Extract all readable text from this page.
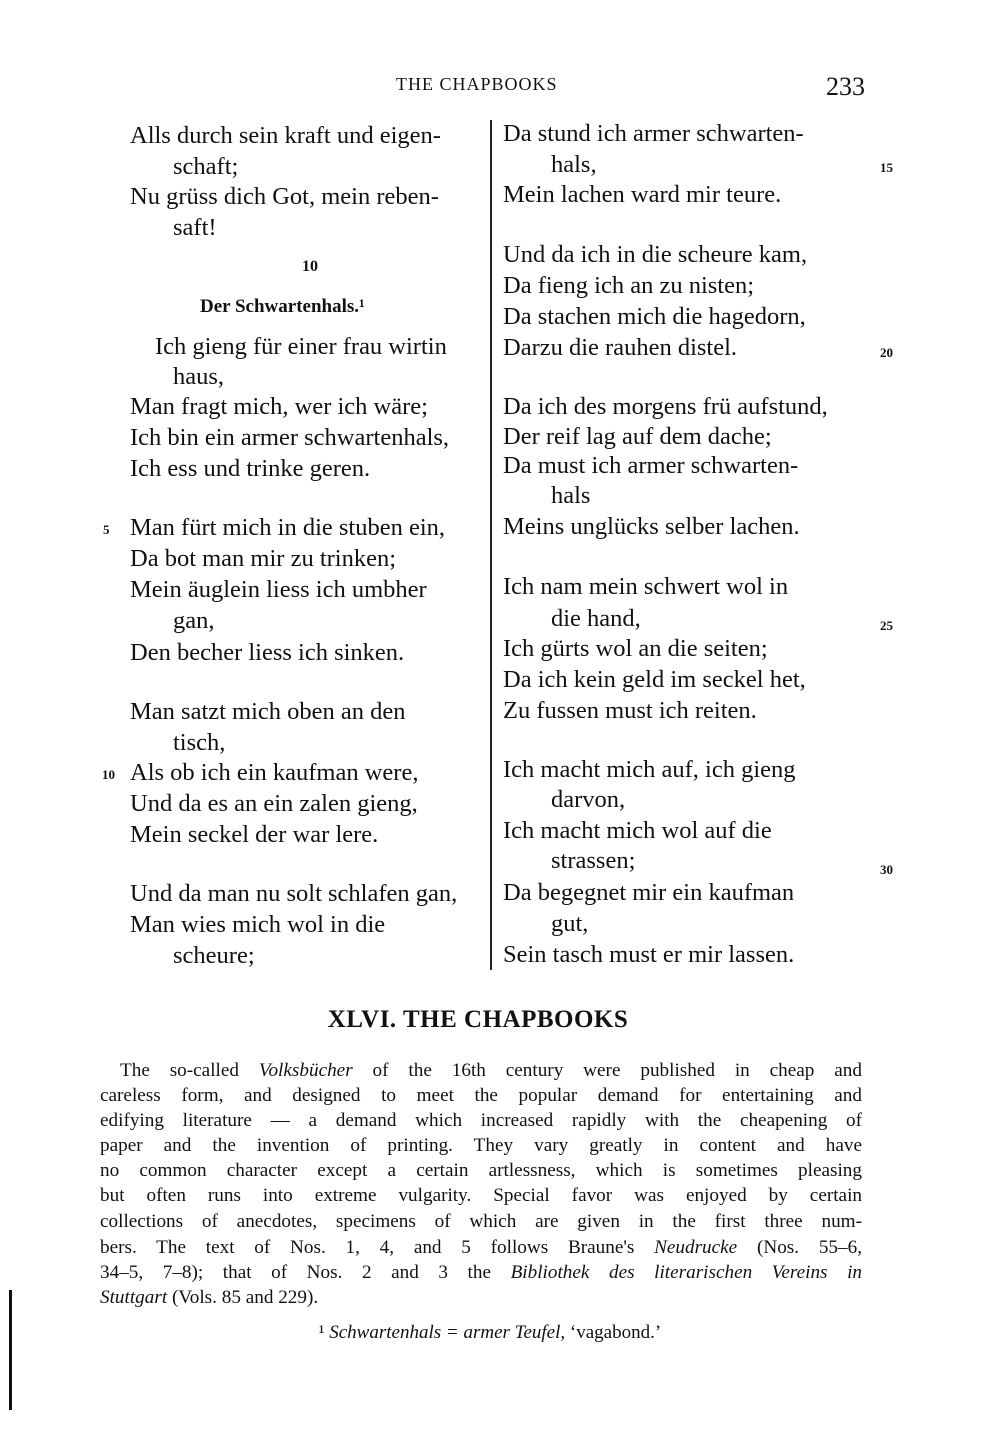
THE CHAPBOOKS	233
10
Der Schwartenhals.¹
Alls durch sein kraft und eigen-
schaft;
Nu grüss dich Got, mein reben-
saft!
Ich gieng für einer frau wirtin
haus,
Man fragt mich, wer ich wäre;
Ich bin ein armer schwartenhals,
Ich ess und trinke geren.
Man fürt mich in die stuben ein,
5
Da bot man mir zu trinken;
Mein äuglein liess ich umbher
gan,
Den becher liess ich sinken.
Man satzt mich oben an den
tisch,
Als ob ich ein kaufman were,
10
Und da es an ein zalen gieng,
Mein seckel der war lere.
Und da man nu solt schlafen gan,
Man wies mich wol in die
scheure;
Da stund ich armer schwarten-
hals,
Mein lachen ward mir teure.
Und da ich in die scheure kam,
Da fieng ich an zu nisten;
Da stachen mich die hagedorn,
Darzu die rauhen distel.
Da ich des morgens frü aufstund,
Der reif lag auf dem dache;
Da must ich armer schwarten-
hals
Meins unglücks selber lachen.
Ich nam mein schwert wol in
die hand,
Ich gürts wol an die seiten;
Da ich kein geld im seckel het,
Zu fussen must ich reiten.
Ich macht mich auf, ich gieng
darvon,
Ich macht mich wol auf die
strassen;
Da begegnet mir ein kaufman
gut,
Sein tasch must er mir lassen.
15
20
25
30
XLVI. THE CHAPBOOKS
The so-called Volksbücher of the 16th century were published in cheap and
careless form, and designed to meet the popular demand for entertaining and
edifying literature — a demand which increased rapidly with the cheapening of
paper and the invention of printing. They vary greatly in content and have
no common character except a certain artlessness, which is sometimes pleasing
but often runs into extreme vulgarity. Special favor was enjoyed by certain
collections of anecdotes, specimens of which are given in the first three num-
bers. The text of Nos. 1, 4, and 5 follows Braune's Neudrucke (Nos. 55–6,
34–5, 7–8); that of Nos. 2 and 3 the Bibliothek des literarischen Vereins in
Stuttgart (Vols. 85 and 229).
¹ Schwartenhals = armer Teufel, ‘vagabond.’
